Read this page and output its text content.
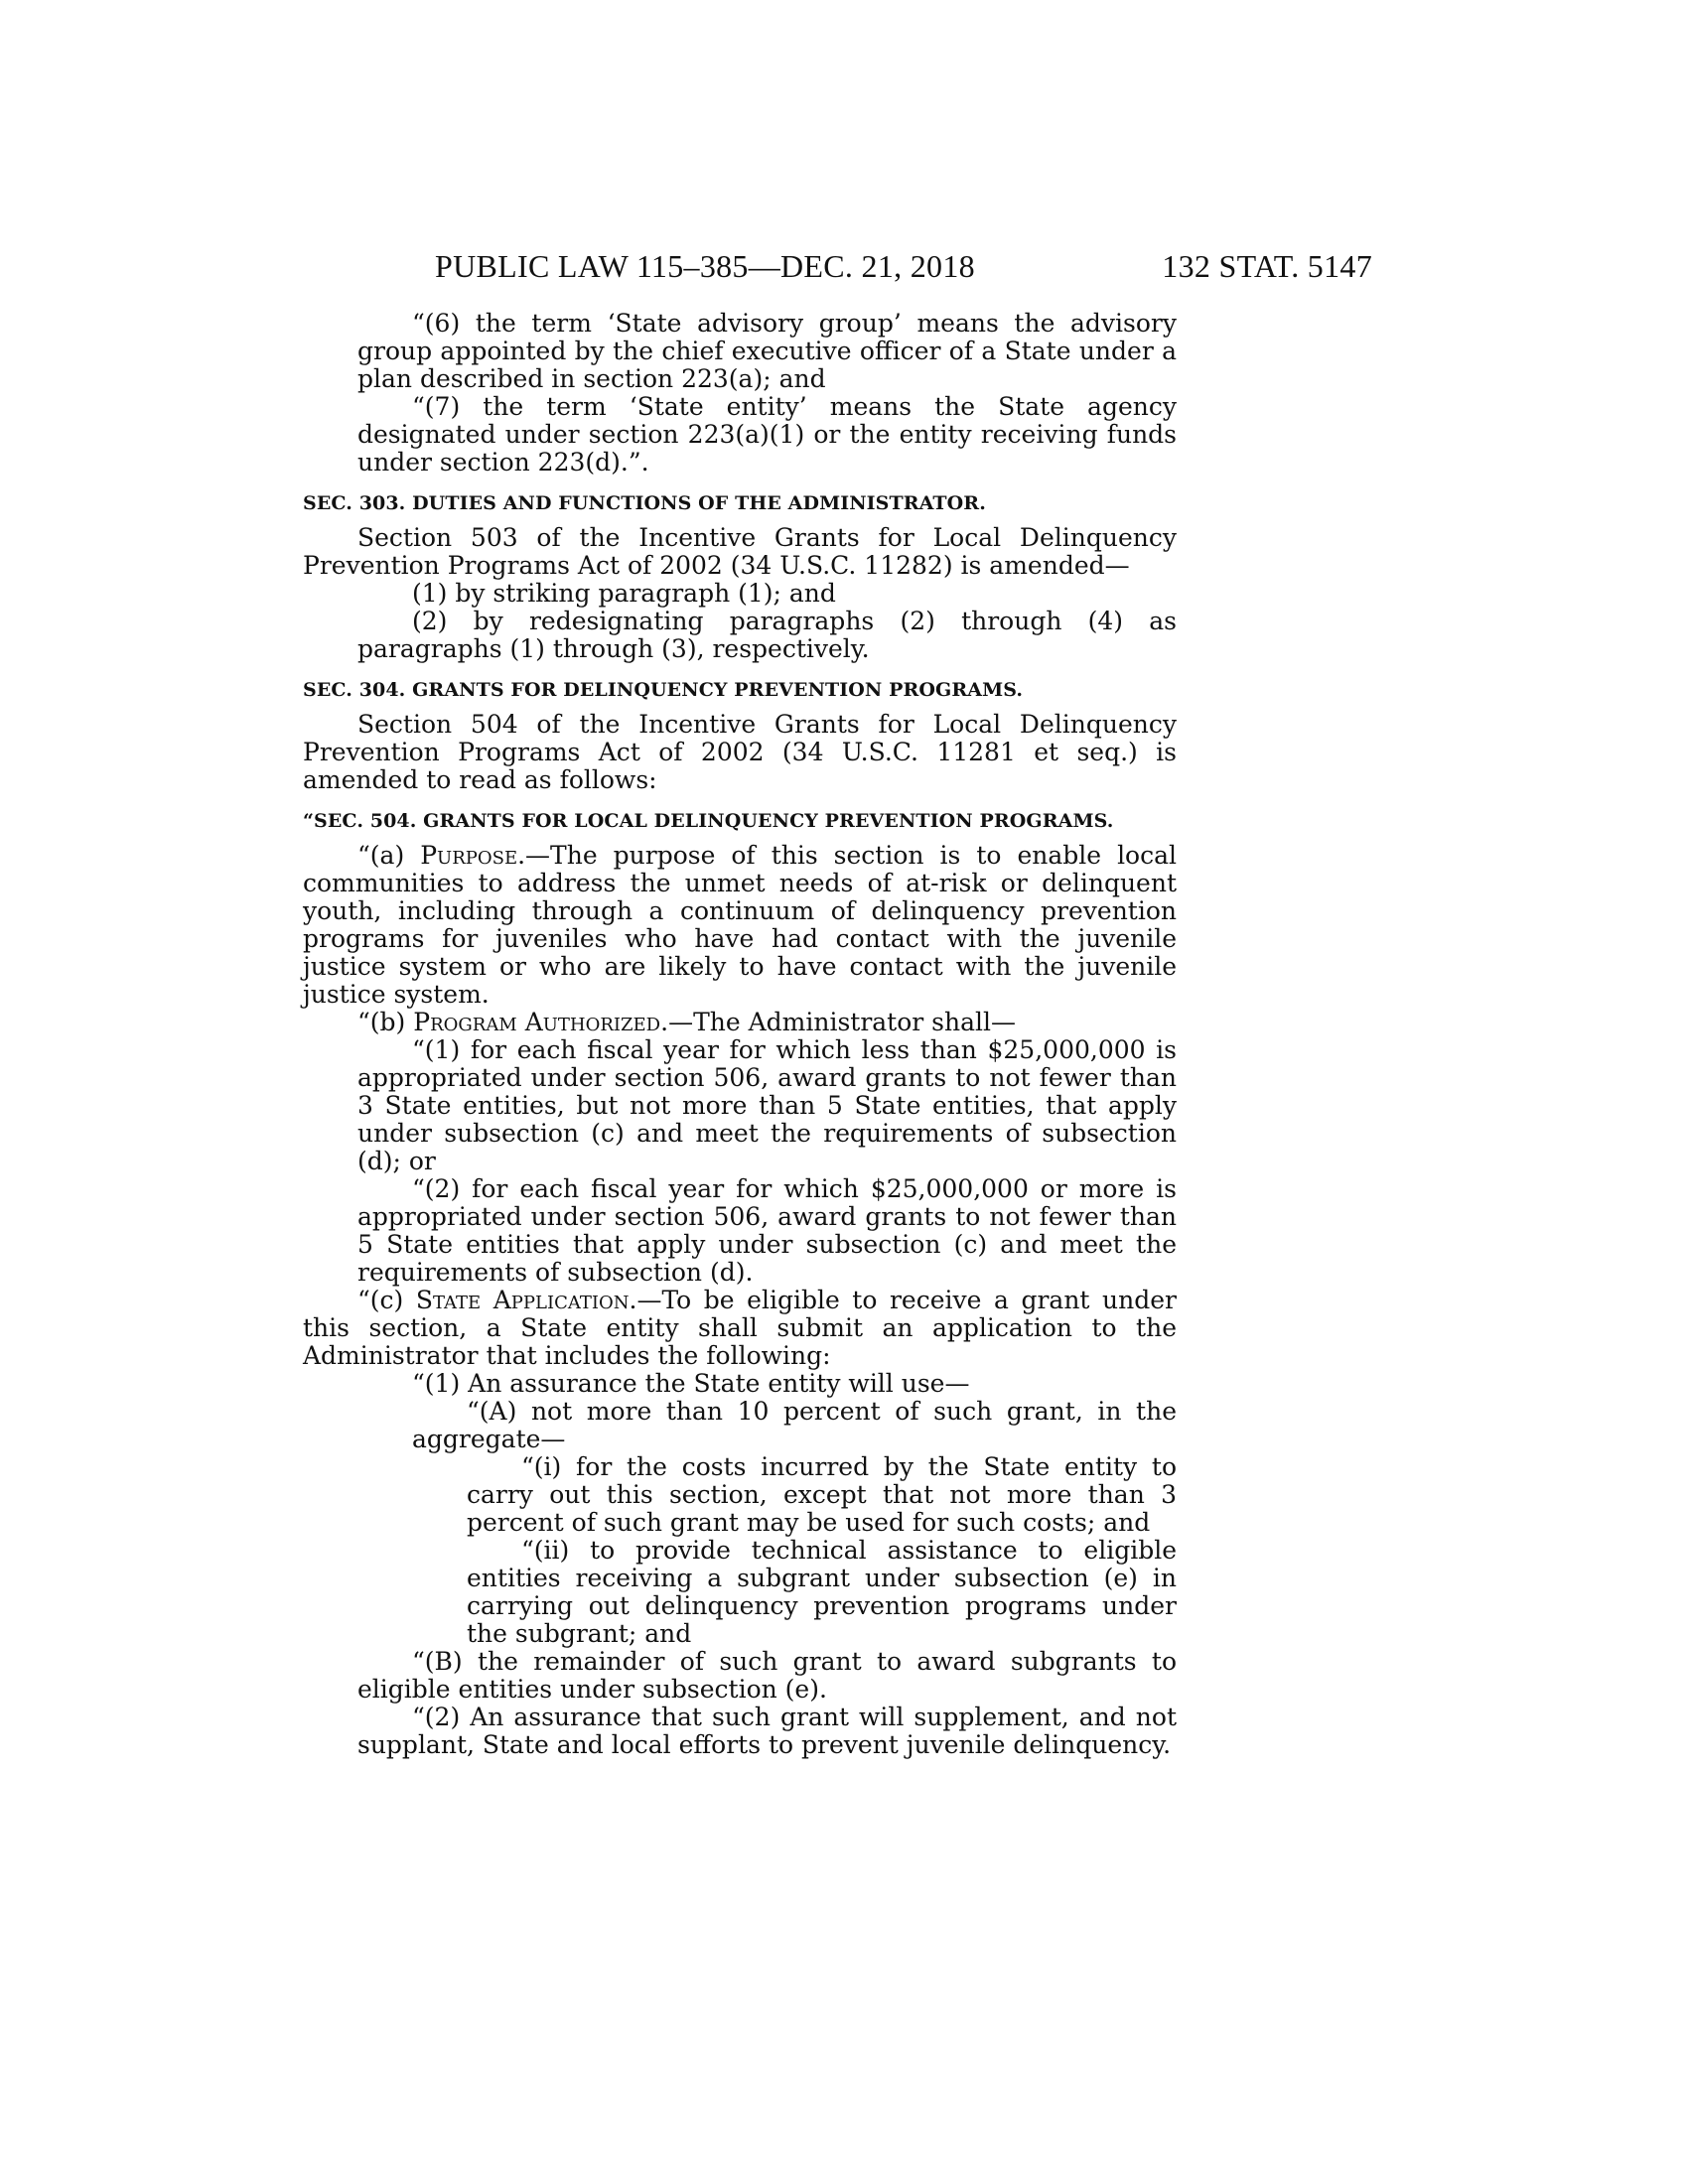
PUBLIC LAW 115–385—DEC. 21, 2018	132 STAT. 5147

“(6) the term ‘State advisory group’ means the advisory group appointed by the chief executive officer of a State under a plan described in section 223(a); and

“(7) the term ‘State entity’ means the State agency designated under section 223(a)(1) or the entity receiving funds under section 223(d).”.

SEC. 303. DUTIES AND FUNCTIONS OF THE ADMINISTRATOR.

Section 503 of the Incentive Grants for Local Delinquency Prevention Programs Act of 2002 (34 U.S.C. 11282) is amended—

(1) by striking paragraph (1); and

(2) by redesignating paragraphs (2) through (4) as paragraphs (1) through (3), respectively.

SEC. 304. GRANTS FOR DELINQUENCY PREVENTION PROGRAMS.

Section 504 of the Incentive Grants for Local Delinquency Prevention Programs Act of 2002 (34 U.S.C. 11281 et seq.) is amended to read as follows:

“SEC. 504. GRANTS FOR LOCAL DELINQUENCY PREVENTION PROGRAMS.

“(a) Purpose.—The purpose of this section is to enable local communities to address the unmet needs of at-risk or delinquent youth, including through a continuum of delinquency prevention programs for juveniles who have had contact with the juvenile justice system or who are likely to have contact with the juvenile justice system.

“(b) Program Authorized.—The Administrator shall—

“(1) for each fiscal year for which less than $25,000,000 is appropriated under section 506, award grants to not fewer than 3 State entities, but not more than 5 State entities, that apply under subsection (c) and meet the requirements of subsection (d); or

“(2) for each fiscal year for which $25,000,000 or more is appropriated under section 506, award grants to not fewer than 5 State entities that apply under subsection (c) and meet the requirements of subsection (d).

“(c) State Application.—To be eligible to receive a grant under this section, a State entity shall submit an application to the Administrator that includes the following:

“(1) An assurance the State entity will use—

“(A) not more than 10 percent of such grant, in the aggregate—

“(i) for the costs incurred by the State entity to carry out this section, except that not more than 3 percent of such grant may be used for such costs; and

“(ii) to provide technical assistance to eligible entities receiving a subgrant under subsection (e) in carrying out delinquency prevention programs under the subgrant; and

“(B) the remainder of such grant to award subgrants to eligible entities under subsection (e).

“(2) An assurance that such grant will supplement, and not supplant, State and local efforts to prevent juvenile delinquency.
